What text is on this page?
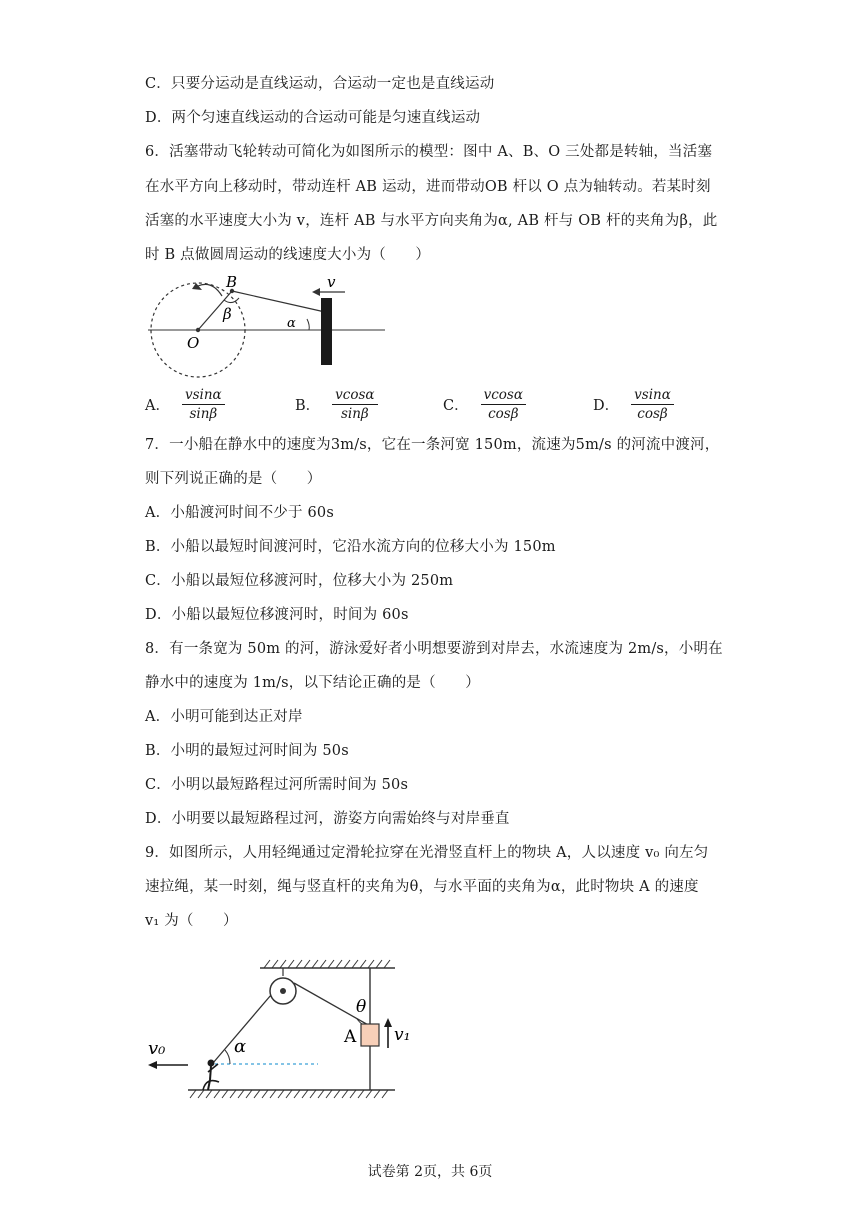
C．只要分运动是直线运动，合运动一定也是直线运动
D．两个匀速直线运动的合运动可能是匀速直线运动
6．活塞带动飞轮转动可简化为如图所示的模型：图中 A、B、O 三处都是转轴，当活塞
在水平方向上移动时，带动连杆 AB 运动，进而带动OB 杆以 O 点为轴转动。若某时刻
活塞的水平速度大小为 v，连杆 AB 与水平方向夹角为α, AB 杆与 OB 杆的夹角为β，此
时 B 点做圆周运动的线速度大小为（　　）
B
O
β
α
v
A． $\frac{vsin\alpha}{\sin\beta}$	B． $\frac{vcos\alpha}{\sin\beta}$	C． $\frac{vcos\alpha}{\cos\beta}$	D． $\frac{vsin\alpha}{\cos\beta}$
7．一小船在静水中的速度为3m/s，它在一条河宽 150m，流速为5m/s 的河流中渡河，
则下列说正确的是（　　）
A．小船渡河时间不少于 60s
B．小船以最短时间渡河时，它沿水流方向的位移大小为 150m
C．小船以最短位移渡河时，位移大小为 250m
D．小船以最短位移渡河时，时间为 60s
8．有一条宽为 50m 的河，游泳爱好者小明想要游到对岸去，水流速度为 2m/s，小明在
静水中的速度为 1m/s，以下结论正确的是（　　）
A．小明可能到达正对岸
B．小明的最短过河时间为 50s
C．小明以最短路程过河所需时间为 50s
D．小明要以最短路程过河，游姿方向需始终与对岸垂直
9．如图所示，人用轻绳通过定滑轮拉穿在光滑竖直杆上的物块 A，人以速度 v₀ 向左匀
速拉绳，某一时刻，绳与竖直杆的夹角为θ，与水平面的夹角为α，此时物块 A 的速度
v₁ 为（　　）
v₀	α
θ
A v₁
试卷第 2页，共 6页
